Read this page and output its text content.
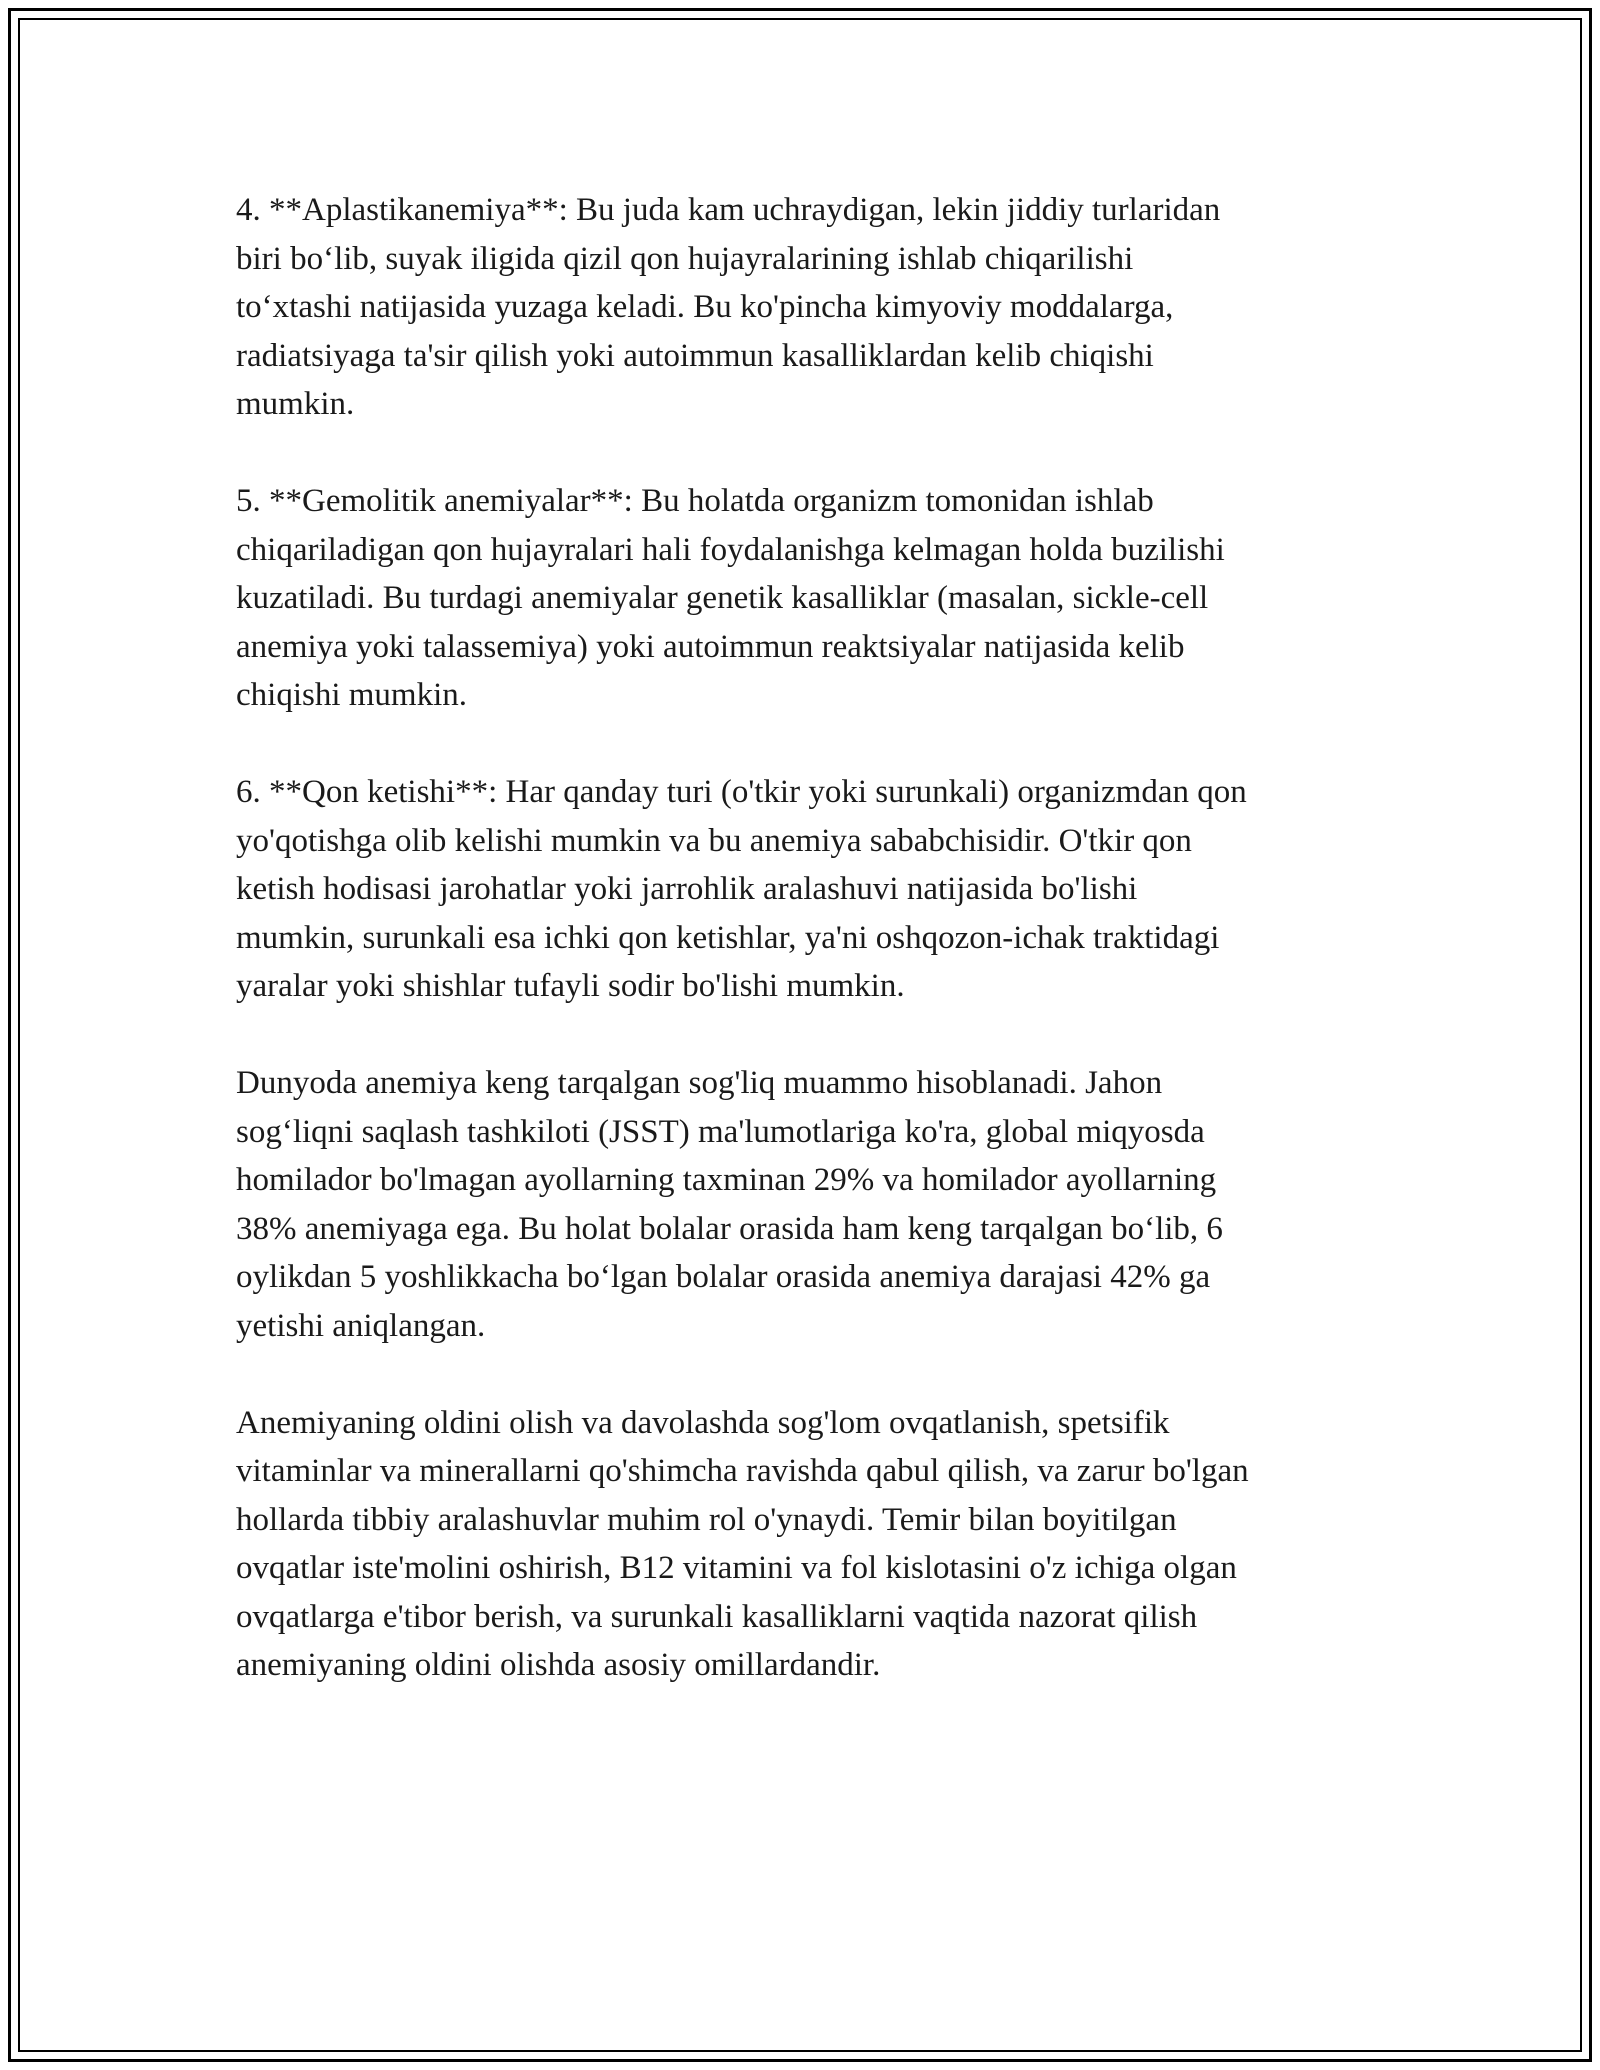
4. **Aplastikanemiya**: Bu juda kam uchraydigan, lekin jiddiy turlaridan
biri bo‘lib, suyak iligida qizil qon hujayralarining ishlab chiqarilishi
to‘xtashi natijasida yuzaga keladi. Bu ko'pincha kimyoviy moddalarga,
radiatsiyaga ta'sir qilish yoki autoimmun kasalliklardan kelib chiqishi
mumkin.

5. **Gemolitik anemiyalar**: Bu holatda organizm tomonidan ishlab
chiqariladigan qon hujayralari hali foydalanishga kelmagan holda buzilishi
kuzatiladi. Bu turdagi anemiyalar genetik kasalliklar (masalan, sickle-cell
anemiya yoki talassemiya) yoki autoimmun reaktsiyalar natijasida kelib
chiqishi mumkin.

6. **Qon ketishi**: Har qanday turi (o'tkir yoki surunkali) organizmdan qon
yo'qotishga olib kelishi mumkin va bu anemiya sababchisidir. O'tkir qon
ketish hodisasi jarohatlar yoki jarrohlik aralashuvi natijasida bo'lishi
mumkin, surunkali esa ichki qon ketishlar, ya'ni oshqozon-ichak traktidagi
yaralar yoki shishlar tufayli sodir bo'lishi mumkin.

Dunyoda anemiya keng tarqalgan sog'liq muammo hisoblanadi. Jahon
sog‘liqni saqlash tashkiloti (JSST) ma'lumotlariga ko'ra, global miqyosda
homilador bo'lmagan ayollarning taxminan 29% va homilador ayollarning
38% anemiyaga ega. Bu holat bolalar orasida ham keng tarqalgan bo‘lib, 6
oylikdan 5 yoshlikkacha bo‘lgan bolalar orasida anemiya darajasi 42% ga
yetishi aniqlangan.

Anemiyaning oldini olish va davolashda sog'lom ovqatlanish, spetsifik
vitaminlar va minerallarni qo'shimcha ravishda qabul qilish, va zarur bo'lgan
hollarda tibbiy aralashuvlar muhim rol o'ynaydi. Temir bilan boyitilgan
ovqatlar iste'molini oshirish, B12 vitamini va fol kislotasini o'z ichiga olgan
ovqatlarga e'tibor berish, va surunkali kasalliklarni vaqtida nazorat qilish
anemiyaning oldini olishda asosiy omillardandir.
